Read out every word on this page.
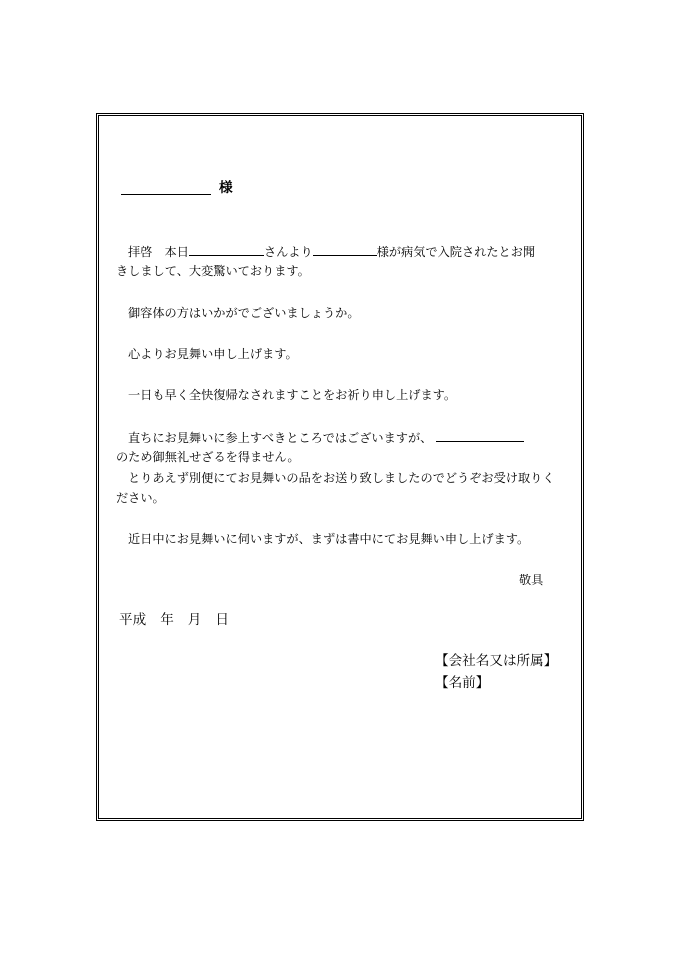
様
拝啓　本日	さんより	様が病気で入院されたとお聞
きしまして、大変驚いております。
御容体の方はいかがでございましょうか。
心よりお見舞い申し上げます。
一日も早く全快復帰なされますことをお祈り申し上げます。
直ちにお見舞いに参上すべきところではございますが、
のため御無礼せざるを得ません。
とりあえず別便にてお見舞いの品をお送り致しましたのでどうぞお受け取りく
ださい。
近日中にお見舞いに伺いますが、まずは書中にてお見舞い申し上げます。
敬具
平成 年 月 日
【会社名又は所属】
【名前】
